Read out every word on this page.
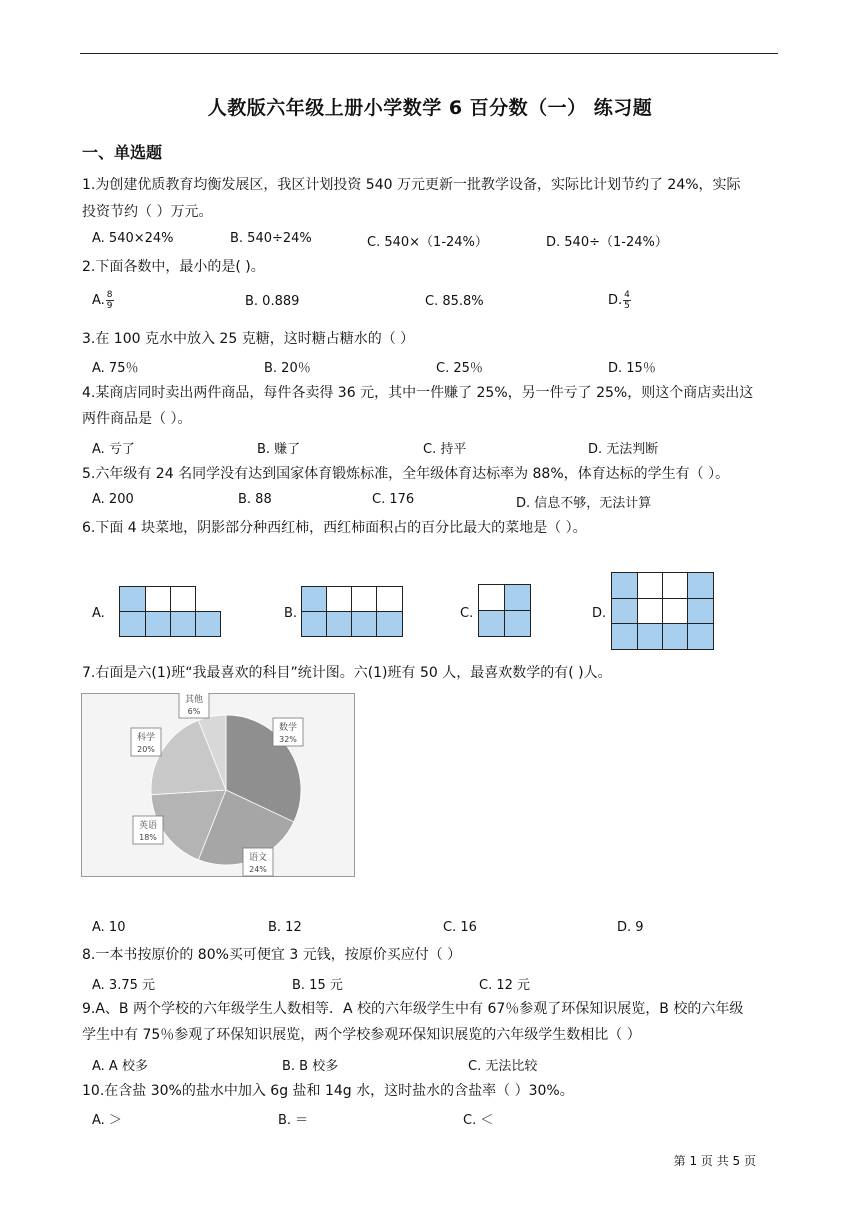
人教版六年级上册小学数学 6 百分数（一） 练习题
一、单选题
1.为创建优质教育均衡发展区，我区计划投资 540 万元更新一批教学设备，实际比计划节约了 24%，实际
投资节约（ ）万元。
A. 540×24%	B. 540÷24%	C. 540×（1-24%）	D. 540÷（1-24%）
2.下面各数中，最小的是( )。
A. $\frac{8}{9}$	B. 0.889	C. 85.8%	D. $\frac{4}{5}$
3.在 100 克水中放入 25 克糖，这时糖占糖水的（ ）
A. 75％	B. 20％	C. 25％	D. 15％
4.某商店同时卖出两件商品，每件各卖得 36 元，其中一件赚了 25%，另一件亏了 25%，则这个商店卖出这
两件商品是（ ）。
A. 亏了	B. 赚了	C. 持平	D. 无法判断
5.六年级有 24 名同学没有达到国家体育锻炼标准，全年级体育达标率为 88%，体育达标的学生有（ ）。
A. 200	B. 88	C. 176	D. 信息不够，无法计算
6.下面 4 块菜地，阴影部分种西红柿，西红柿面积占的百分比最大的菜地是（ ）。
A.	B.	C.	D.
7.右面是六(1)班“我最喜欢的科目”统计图。六(1)班有 50 人，最喜欢数学的有( )人。
数学
32%
语文
24%
英语
18%
科学
20%
其他
6%
A. 10	B. 12	C. 16	D. 9
8.一本书按原价的 80%买可便宜 3 元钱，按原价买应付（ ）
A. 3.75 元	B. 15 元	C. 12 元
9.A、B 两个学校的六年级学生人数相等．A 校的六年级学生中有 67％参观了环保知识展览，B 校的六年级
学生中有 75％参观了环保知识展览，两个学校参观环保知识展览的六年级学生数相比（ ）
A. A 校多	B. B 校多	C. 无法比较
10.在含盐 30%的盐水中加入 6g 盐和 14g 水，这时盐水的含盐率（ ）30%。
A. ＞	B. ＝	C. ＜
第 1 页 共 5 页
